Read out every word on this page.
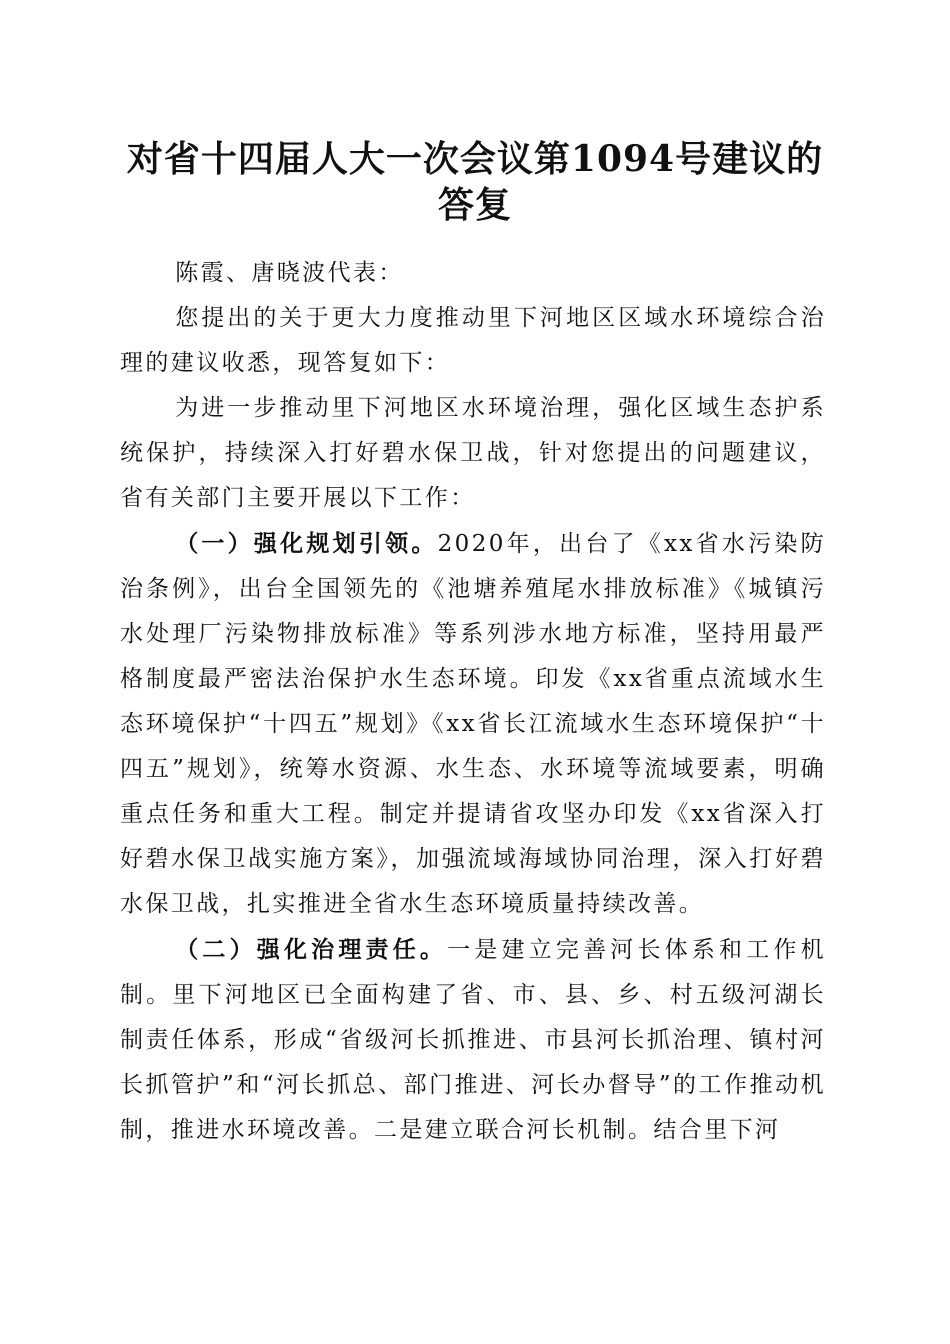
对省十四届人大一次会议第1094号建议的答复

陈霞、唐晓波代表：

您提出的关于更大力度推动里下河地区区域水环境综合治理的建议收悉，现答复如下：

为进一步推动里下河地区水环境治理，强化区域生态护系统保护，持续深入打好碧水保卫战，针对您提出的问题建议，省有关部门主要开展以下工作：

（一）强化规划引领。2020年，出台了《xx省水污染防治条例》，出台全国领先的《池塘养殖尾水排放标准》《城镇污水处理厂污染物排放标准》等系列涉水地方标准，坚持用最严格制度最严密法治保护水生态环境。印发《xx省重点流域水生态环境保护“十四五”规划》《xx省长江流域水生态环境保护“十四五”规划》，统筹水资源、水生态、水环境等流域要素，明确重点任务和重大工程。制定并提请省攻坚办印发《xx省深入打好碧水保卫战实施方案》，加强流域海域协同治理，深入打好碧水保卫战，扎实推进全省水生态环境质量持续改善。

（二）强化治理责任。一是建立完善河长体系和工作机制。里下河地区已全面构建了省、市、县、乡、村五级河湖长制责任体系，形成“省级河长抓推进、市县河长抓治理、镇村河长抓管护”和“河长抓总、部门推进、河长办督导”的工作推动机制，推进水环境改善。二是建立联合河长机制。结合里下河
